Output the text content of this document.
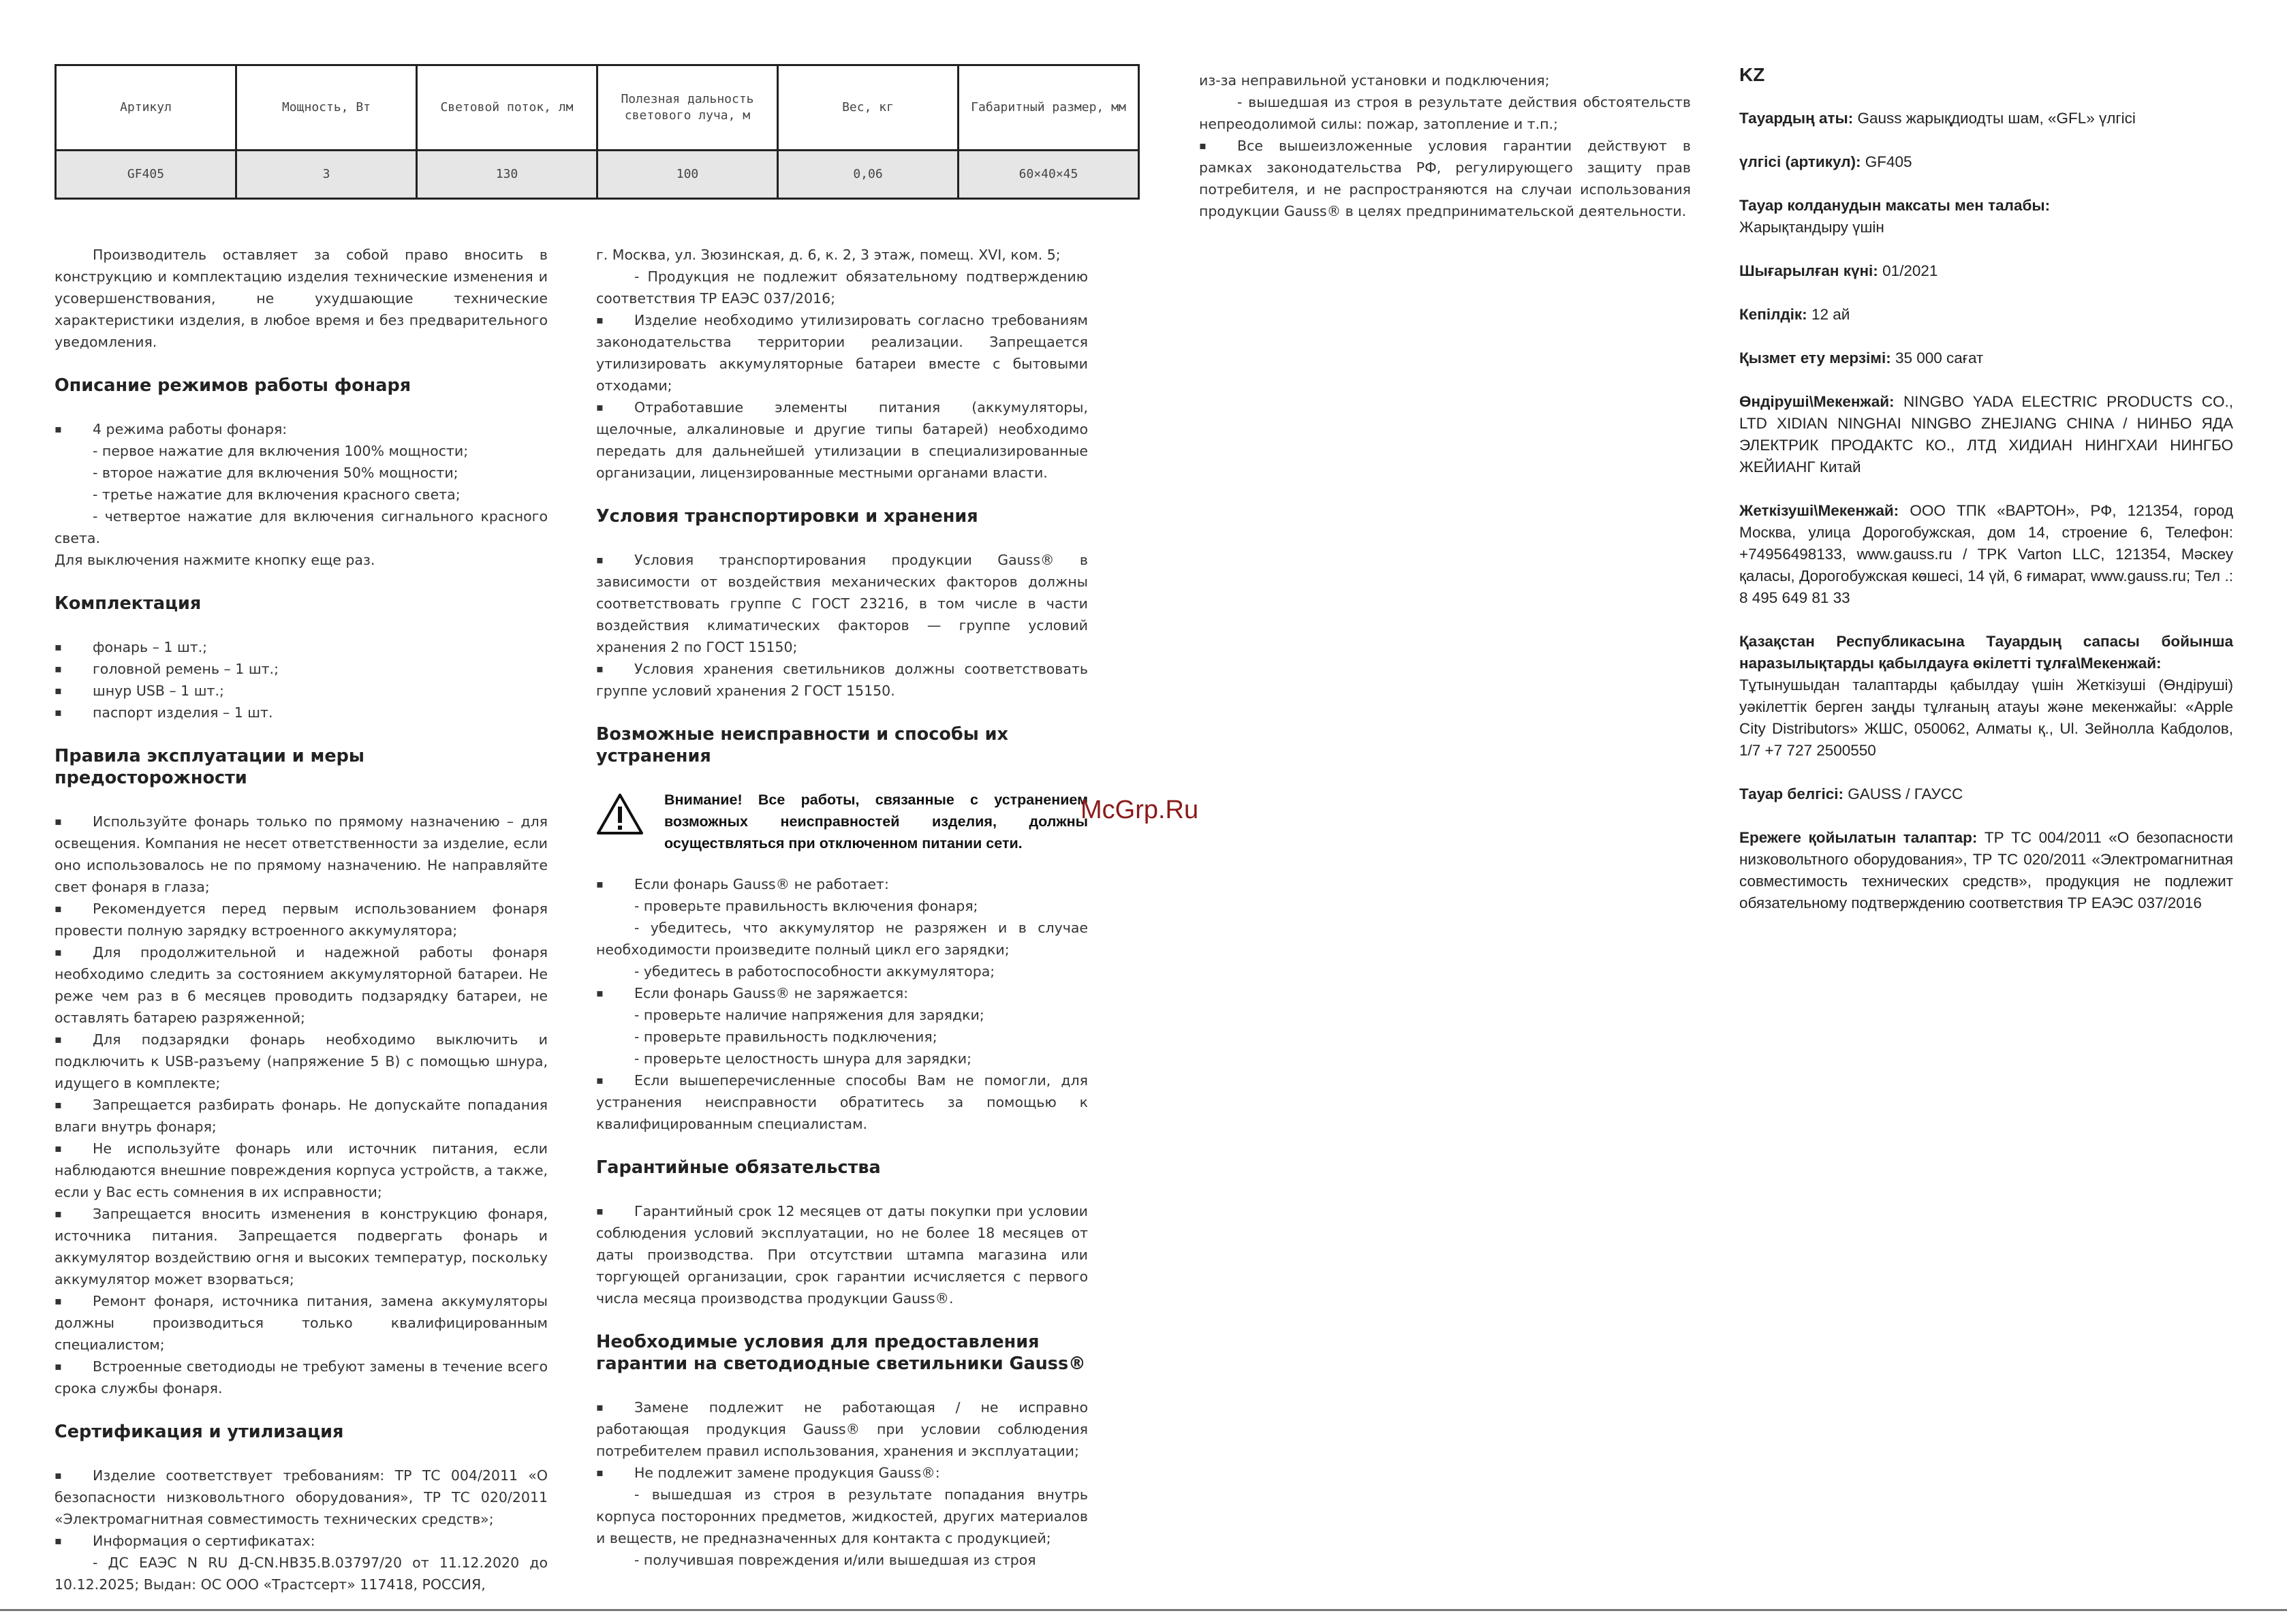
Артикул	Мощность, Вт	Световой поток, лм	Полезная дальность светового луча, м	Вес, кг	Габаритный размер, мм
GF405	3	130	100	0,06	60×40×45

Производитель оставляет за собой право вносить в конструкцию и комплектацию изделия технические изменения и усовершенствования, не ухудшающие технические характеристики изделия, в любое время и без предварительного уведомления.

Описание режимов работы фонаря

▪ 4 режима работы фонаря:

- первое нажатие для включения 100% мощности;

- второе нажатие для включения 50% мощности;

- третье нажатие для включения красного света;

- четвертое нажатие для включения сигнального красного света.

Для выключения нажмите кнопку еще раз.

Комплектация

▪ фонарь – 1 шт.;

▪ головной ремень – 1 шт.;

▪ шнур USB – 1 шт.;

▪ паспорт изделия – 1 шт.

Правила эксплуатации и меры предосторожности

▪ Используйте фонарь только по прямому назначению – для освещения. Компания не несет ответственности за изделие, если оно использовалось не по прямому назначению. Не направляйте свет фонаря в глаза;

▪ Рекомендуется перед первым использованием фонаря провести полную зарядку встроенного аккумулятора;

▪ Для продолжительной и надежной работы фонаря необходимо следить за состоянием аккумуляторной батареи. Не реже чем раз в 6 месяцев проводить подзарядку батареи, не оставлять батарею разряженной;

▪ Для подзарядки фонарь необходимо выключить и подключить к USB-разъему (напряжение 5 В) с помощью шнура, идущего в комплекте;

▪ Запрещается разбирать фонарь. Не допускайте попадания влаги внутрь фонаря;

▪ Не используйте фонарь или источник питания, если наблюдаются внешние повреждения корпуса устройств, а также, если у Вас есть сомнения в их исправности;

▪ Запрещается вносить изменения в конструкцию фонаря, источника питания. Запрещается подвергать фонарь и аккумулятор воздействию огня и высоких температур, поскольку аккумулятор может взорваться;

▪ Ремонт фонаря, источника питания, замена аккумуляторы должны производиться только квалифицированным специалистом;

▪ Встроенные светодиоды не требуют замены в течение всего срока службы фонаря.

Сертификация и утилизация

▪ Изделие соответствует требованиям: ТР ТС 004/2011 «О безопасности низковольтного оборудования», ТР ТС 020/2011 «Электромагнитная совместимость технических средств»;

▪ Информация о сертификатах:

- ДС ЕАЭС N RU Д-CN.НВ35.В.03797/20 от 11.12.2020 до 10.12.2025; Выдан: ОС ООО «Трастсерт» 117418, РОССИЯ,

г. Москва, ул. Зюзинская, д. 6, к. 2, 3 этаж, помещ. XVI, ком. 5;

- Продукция не подлежит обязательному подтверждению соответствия ТР ЕАЭС 037/2016;

▪ Изделие необходимо утилизировать согласно требованиям законодательства территории реализации. Запрещается утилизировать аккумуляторные батареи вместе с бытовыми отходами;

▪ Отработавшие элементы питания (аккумуляторы, щелочные, алкалиновые и другие типы батарей) необходимо передать для дальнейшей утилизации в специализированные организации, лицензированные местными органами власти.

Условия транспортировки и хранения

▪ Условия транспортирования продукции Gauss® в зависимости от воздействия механических факторов должны соответствовать группе С ГОСТ 23216, в том числе в части воздействия климатических факторов — группе условий хранения 2 по ГОСТ 15150;

▪ Условия хранения светильников должны соответствовать группе условий хранения 2 ГОСТ 15150.

Возможные неисправности и способы их устранения

Внимание! Все работы, связанные с устранением возможных неисправностей изделия, должны осуществляться при отключенном питании сети.

▪ Если фонарь Gauss® не работает:

- проверьте правильность включения фонаря;

- убедитесь, что аккумулятор не разряжен и в случае необходимости произведите полный цикл его зарядки;

- убедитесь в работоспособности аккумулятора;

▪ Если фонарь Gauss® не заряжается:

- проверьте наличие напряжения для зарядки;

- проверьте правильность подключения;

- проверьте целостность шнура для зарядки;

▪ Если вышеперечисленные способы Вам не помогли, для устранения неисправности обратитесь за помощью к квалифицированным специалистам.

Гарантийные обязательства

▪ Гарантийный срок 12 месяцев от даты покупки при условии соблюдения условий эксплуатации, но не более 18 месяцев от даты производства. При отсутствии штампа магазина или торгующей организации, срок гарантии исчисляется с первого числа месяца производства продукции Gauss®.

Необходимые условия для предоставления гарантии на светодиодные светильники Gauss®

▪ Замене подлежит не работающая / не исправно работающая продукция Gauss® при условии соблюдения потребителем правил использования, хранения и эксплуатации;

▪ Не подлежит замене продукция Gauss®:

- вышедшая из строя в результате попадания внутрь корпуса посторонних предметов, жидкостей, других материалов и веществ, не предназначенных для контакта с продукцией;

- получившая повреждения и/или вышедшая из строя

из-за неправильной установки и подключения;

- вышедшая из строя в результате действия обстоятельств непреодолимой силы: пожар, затопление и т.п.;

▪ Все вышеизложенные условия гарантии действуют в рамках законодательства РФ, регулирующего защиту прав потребителя, и не распространяются на случаи использования продукции Gauss® в целях предпринимательской деятельности.

KZ

Тауардың аты: Gauss жарықдиодты шам, «GFL» үлгісі

үлгісі (артикул): GF405

Тауар колданудын максаты мен талабы:
Жарықтандыру үшін

Шығарылған күні: 01/2021

Кепілдік: 12 ай

Қызмет ету мерзімі: 35 000 сағат

Өндіруші\Мекенжай: NINGBO YADA ELECTRIC PRODUCTS CO., LTD XIDIAN NINGHAI NINGBO ZHEJIANG CHINA / НИНБО ЯДА ЭЛЕКТРИК ПРОДАКТС КО., ЛТД ХИДИАН НИНГХАИ НИНГБО ЖЕЙИАНГ Китай

Жеткізуші\Мекенжай: ООО ТПК «ВАРТОН», РФ, 121354, город Москва, улица Дорогобужская, дом 14, строение 6, Телефон: +74956498133, www.gauss.ru / TPK Varton LLC, 121354, Мәскеу қаласы, Дорогобужская көшесі, 14 үй, 6 ғимарат, www.gauss.ru; Тел .: 8 495 649 81 33

Қазақстан Республикасына Тауардың сапасы бойынша наразылықтарды қабылдауға өкілетті тұлға\Мекенжай:
Тұтынушыдан талаптарды қабылдау үшін Жеткізуші (Өндіруші) уәкілеттік берген заңды тұлғаның атауы және мекенжайы: «Apple City Distributors» ЖШС, 050062, Алматы қ., Ul. Зейнолла Кабдолов, 1/7 +7 727 2500550

Тауар белгісі: GAUSS / ГАУСС

Ережеге қойылатын талаптар: ТР ТС 004/2011 «О безопасности низковольтного оборудования», ТР ТС 020/2011 «Электромагнитная совместимость технических средств», продукция не подлежит обязательному подтверждению соответствия ТР ЕАЭС 037/2016

McGrp.Ru
